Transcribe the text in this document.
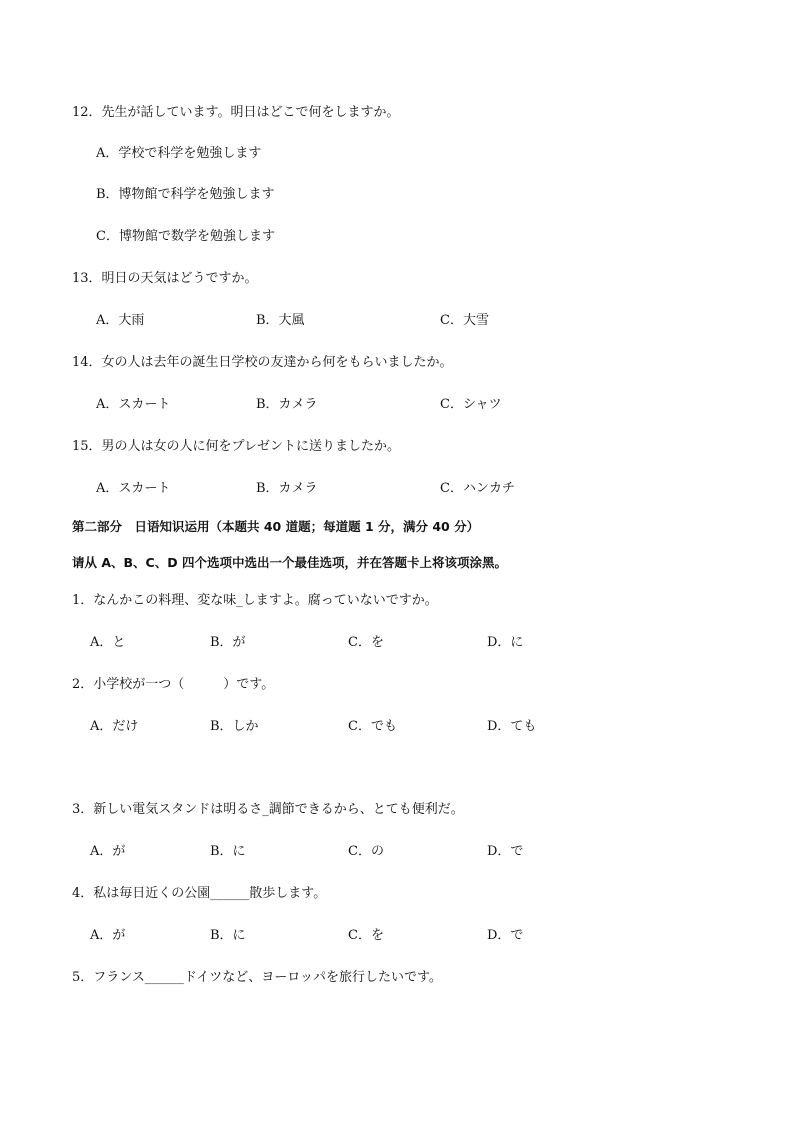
12．先生が話しています。明日はどこで何をしますか。
A．学校で科学を勉強します
B．博物館で科学を勉強します
C．博物館で数学を勉強します
13．明日の天気はどうですか。
A．大雨	B．大風	C．大雪
14．女の人は去年の誕生日学校の友達から何をもらいましたか。
A．スカート	B．カメラ	C．シャツ
15．男の人は女の人に何をプレゼントに送りましたか。
A．スカート	B．カメラ	C．ハンカチ
第二部分　日语知识运用（本题共 40 道题；每道题 1 分，满分 40 分）
请从 A、B、C、D 四个选项中选出一个最佳选项，并在答题卡上将该项涂黑。
1．なんかこの料理、変な味_しますよ。腐っていないですか。
A．と	B．が	C．を	D．に
2．小学校が一つ（　　　）です。
A．だけ	B．しか	C．でも	D．ても
3．新しい電気スタンドは明るさ_調節できるから、とても便利だ。
A．が	B．に	C．の	D．で
4．私は毎日近くの公園______散歩します。
A．が	B．に	C．を	D．で
5．フランス______ドイツなど、ヨーロッパを旅行したいです。
